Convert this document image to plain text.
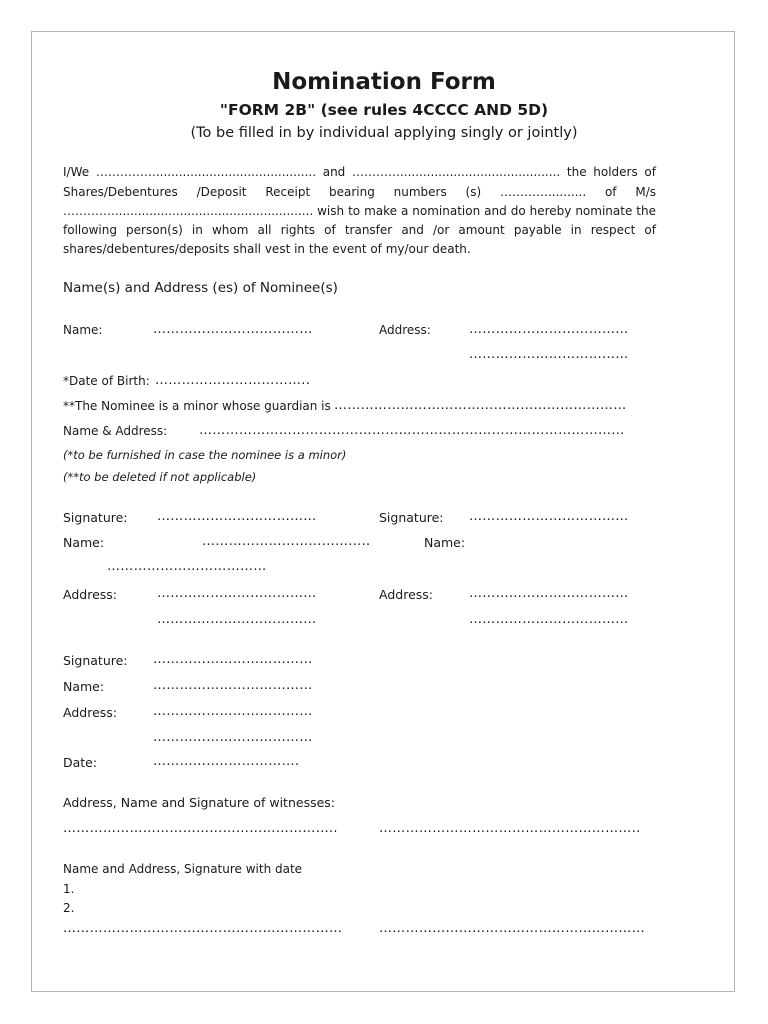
Nomination Form
"FORM 2B" (see rules 4CCCC AND 5D)
(To be filled in by individual applying singly or jointly)
I/We …………….......................................... and ………….......................................... the holders of
Shares/Debentures /Deposit Receipt bearing numbers (s) ………….......... of M/s
…………..................................................... wish to make a nomination and do hereby nominate the
following person(s) in whom all rights of transfer and /or amount payable in respect of
shares/debentures/deposits shall vest in the event of my/our death.
Name(s) and Address (es) of Nominee(s)
Name:	………………………………	Address:	………………………………
………………………………
*Date of Birth: ……………………………..
**The Nominee is a minor whose guardian is …………………………………………………………
Name & Address: ……………………………………………………………………………………
(*to be furnished in case the nominee is a minor)
(**to be deleted if not applicable)
Signature: ………………………………	Signature: ………………………………
Name:	………………………………..	Name:
………………………………
Address:	………………………………	Address:	………………………………
………………………………	………………………………
Signature: ………………………………
Name:	………………………………
Address:	………………………………
………………………………
Date:	……………..…………….
Address, Name and Signature of witnesses:
……………………………………………………..	…………………………………………………..
Name and Address, Signature with date
1.
2.
………………………………………………………	……………………………………………………
